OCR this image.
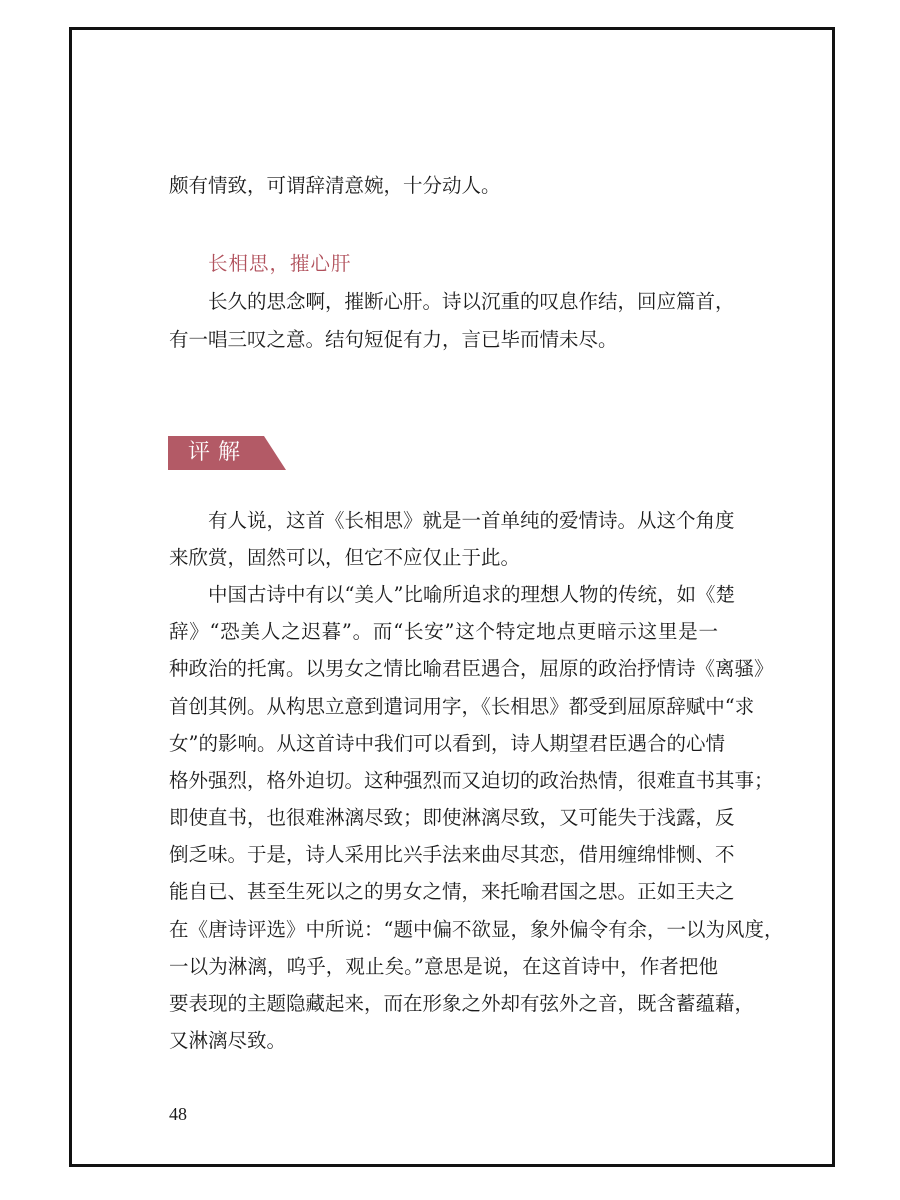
颇有情致，可谓辞清意婉，十分动人。
长相思，摧心肝
长久的思念啊，摧断心肝。诗以沉重的叹息作结，回应篇首，
有一唱三叹之意。结句短促有力，言已毕而情未尽。
评解
有人说，这首《长相思》就是一首单纯的爱情诗。从这个角度
来欣赏，固然可以，但它不应仅止于此。
中国古诗中有以“美人”比喻所追求的理想人物的传统，如《楚
辞》“恐美人之迟暮”。而“长安”这个特定地点更暗示这里是一
种政治的托寓。以男女之情比喻君臣遇合，屈原的政治抒情诗《离骚》
首创其例。从构思立意到遣词用字，《长相思》都受到屈原辞赋中“求
女”的影响。从这首诗中我们可以看到，诗人期望君臣遇合的心情
格外强烈，格外迫切。这种强烈而又迫切的政治热情，很难直书其事；
即使直书，也很难淋漓尽致；即使淋漓尽致，又可能失于浅露，反
倒乏味。于是，诗人采用比兴手法来曲尽其恋，借用缠绵悱恻、不
能自已、甚至生死以之的男女之情，来托喻君国之思。正如王夫之
在《唐诗评选》中所说：“题中偏不欲显，象外偏令有余，一以为风度，
一以为淋漓，呜乎，观止矣。”意思是说，在这首诗中，作者把他
要表现的主题隐藏起来，而在形象之外却有弦外之音，既含蓄蕴藉，
又淋漓尽致。
48
